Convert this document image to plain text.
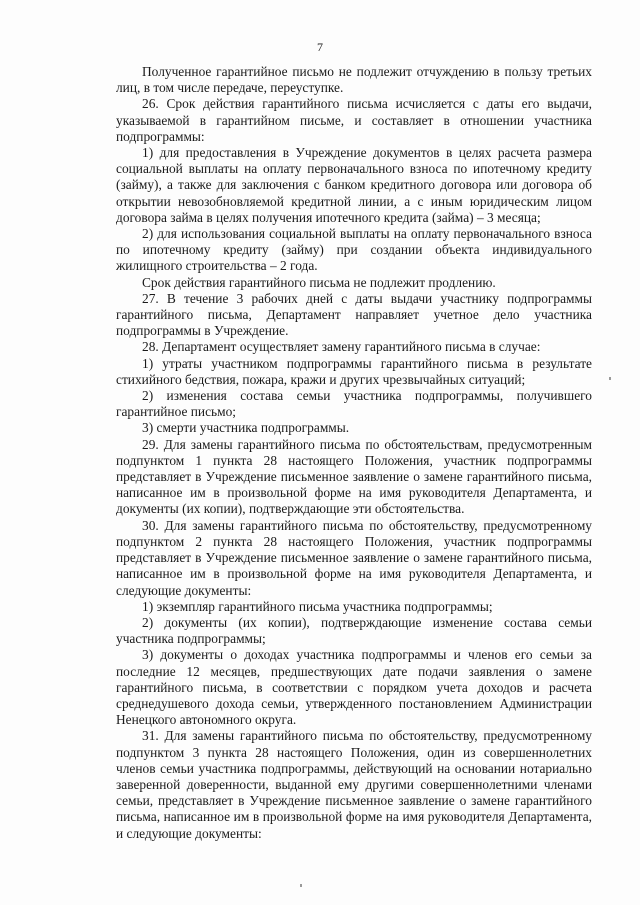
7

Полученное гарантийное письмо не подлежит отчуждению в пользу третьих лиц, в том числе передаче, переуступке.

26. Срок действия гарантийного письма исчисляется с даты его выдачи, указываемой в гарантийном письме, и составляет в отношении участника подпрограммы:

1) для предоставления в Учреждение документов в целях расчета размера социальной выплаты на оплату первоначального взноса по ипотечному кредиту (займу), а также для заключения с банком кредитного договора или договора об открытии невозобновляемой кредитной линии, а с иным юридическим лицом договора займа в целях получения ипотечного кредита (займа) – 3 месяца;

2) для использования социальной выплаты на оплату первоначального взноса по ипотечному кредиту (займу) при создании объекта индивидуального жилищного строительства – 2 года.

Срок действия гарантийного письма не подлежит продлению.

27. В течение 3 рабочих дней с даты выдачи участнику подпрограммы гарантийного письма, Департамент направляет учетное дело участника подпрограммы в Учреждение.

28. Департамент осуществляет замену гарантийного письма в случае:

1) утраты участником подпрограммы гарантийного письма в результате стихийного бедствия, пожара, кражи и других чрезвычайных ситуаций;

2) изменения состава семьи участника подпрограммы, получившего гарантийное письмо;

3) смерти участника подпрограммы.

29. Для замены гарантийного письма по обстоятельствам, предусмотренным подпунктом 1 пункта 28 настоящего Положения, участник подпрограммы представляет в Учреждение письменное заявление о замене гарантийного письма, написанное им в произвольной форме на имя руководителя Департамента, и документы (их копии), подтверждающие эти обстоятельства.

30. Для замены гарантийного письма по обстоятельству, предусмотренному подпунктом 2 пункта 28 настоящего Положения, участник подпрограммы представляет в Учреждение письменное заявление о замене гарантийного письма, написанное им в произвольной форме на имя руководителя Департамента, и следующие документы:

1) экземпляр гарантийного письма участника подпрограммы;

2) документы (их копии), подтверждающие изменение состава семьи участника подпрограммы;

3) документы о доходах участника подпрограммы и членов его семьи за последние 12 месяцев, предшествующих дате подачи заявления о замене гарантийного письма, в соответствии с порядком учета доходов и расчета среднедушевого дохода семьи, утвержденного постановлением Администрации Ненецкого автономного округа.

31. Для замены гарантийного письма по обстоятельству, предусмотренному подпунктом 3 пункта 28 настоящего Положения, один из совершеннолетних членов семьи участника подпрограммы, действующий на основании нотариально заверенной доверенности, выданной ему другими совершеннолетними членами семьи, представляет в Учреждение письменное заявление о замене гарантийного письма, написанное им в произвольной форме на имя руководителя Департамента, и следующие документы:
